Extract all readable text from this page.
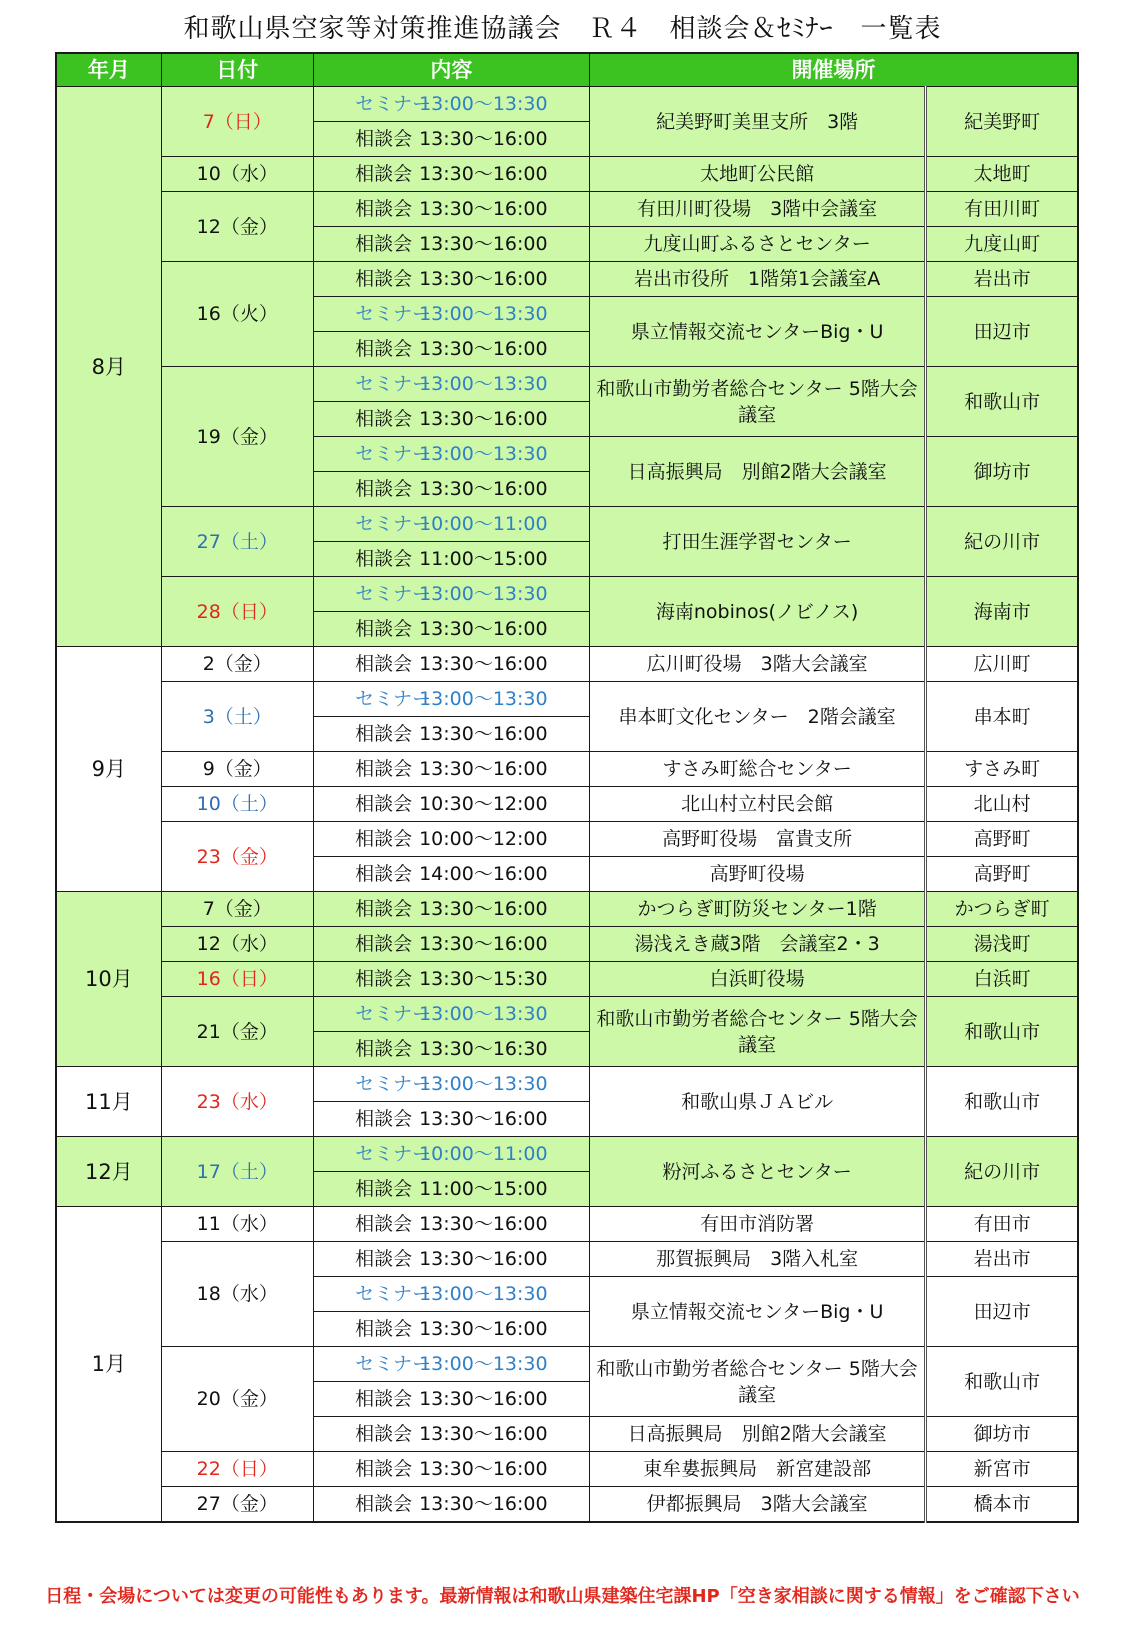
和歌山県空家等対策推進協議会　Ｒ４　相談会＆ｾﾐﾅｰ　一覧表
年月	日付	内容	開催場所	
8月	7（日）	セミナー13:00～13:30	紀美野町美里支所　3階	紀美野町
		相談会 13:30～16:00		
	10（水）	相談会 13:30～16:00	太地町公民館	太地町
	12（金）	相談会 13:30～16:00	有田川町役場　3階中会議室	有田川町
		相談会 13:30～16:00	九度山町ふるさとセンター	九度山町
	16（火）	相談会 13:30～16:00	岩出市役所　1階第1会議室A	岩出市
		セミナー13:00～13:30	県立情報交流センターBig・U	田辺市
		相談会 13:30～16:00		
	19（金）	セミナー13:00～13:30	和歌山市勤労者総合センター 5階大会議室	和歌山市
		相談会 13:30～16:00		
		セミナー13:00～13:30	日高振興局　別館2階大会議室	御坊市
		相談会 13:30～16:00		
	27（土）	セミナー10:00～11:00	打田生涯学習センター	紀の川市
		相談会 11:00～15:00		
	28（日）	セミナー13:00～13:30	海南nobinos(ノビノス)	海南市
		相談会 13:30～16:00		
9月	2（金）	相談会 13:30～16:00	広川町役場　3階大会議室	広川町
	3（土）	セミナー13:00～13:30	串本町文化センター　2階会議室	串本町
		相談会 13:30～16:00		
	9（金）	相談会 13:30～16:00	すさみ町総合センター	すさみ町
	10（土）	相談会 10:30～12:00	北山村立村民会館	北山村
	23（金）	相談会 10:00～12:00	高野町役場　富貴支所	高野町
		相談会 14:00～16:00	高野町役場	高野町
10月	7（金）	相談会 13:30～16:00	かつらぎ町防災センター1階	かつらぎ町
	12（水）	相談会 13:30～16:00	湯浅えき蔵3階　会議室2・3	湯浅町
	16（日）	相談会 13:30～15:30	白浜町役場	白浜町
	21（金）	セミナー13:00～13:30	和歌山市勤労者総合センター 5階大会議室	和歌山市
		相談会 13:30～16:30		
11月	23（水）	セミナー13:00～13:30	和歌山県ＪＡビル	和歌山市
		相談会 13:30～16:00		
12月	17（土）	セミナー10:00～11:00	粉河ふるさとセンター	紀の川市
		相談会 11:00～15:00		
1月	11（水）	相談会 13:30～16:00	有田市消防署	有田市
	18（水）	相談会 13:30～16:00	那賀振興局　3階入札室	岩出市
		セミナー13:00～13:30	県立情報交流センターBig・U	田辺市
		相談会 13:30～16:00		
	20（金）	セミナー13:00～13:30	和歌山市勤労者総合センター 5階大会議室	和歌山市
		相談会 13:30～16:00		
		相談会 13:30～16:00	日高振興局　別館2階大会議室	御坊市
	22（日）	相談会 13:30～16:00	東牟婁振興局　新宮建設部	新宮市
	27（金）	相談会 13:30～16:00	伊都振興局　3階大会議室	橋本市
日程・会場については変更の可能性もあります。最新情報は和歌山県建築住宅課HP「空き家相談に関する情報」をご確認下さい
